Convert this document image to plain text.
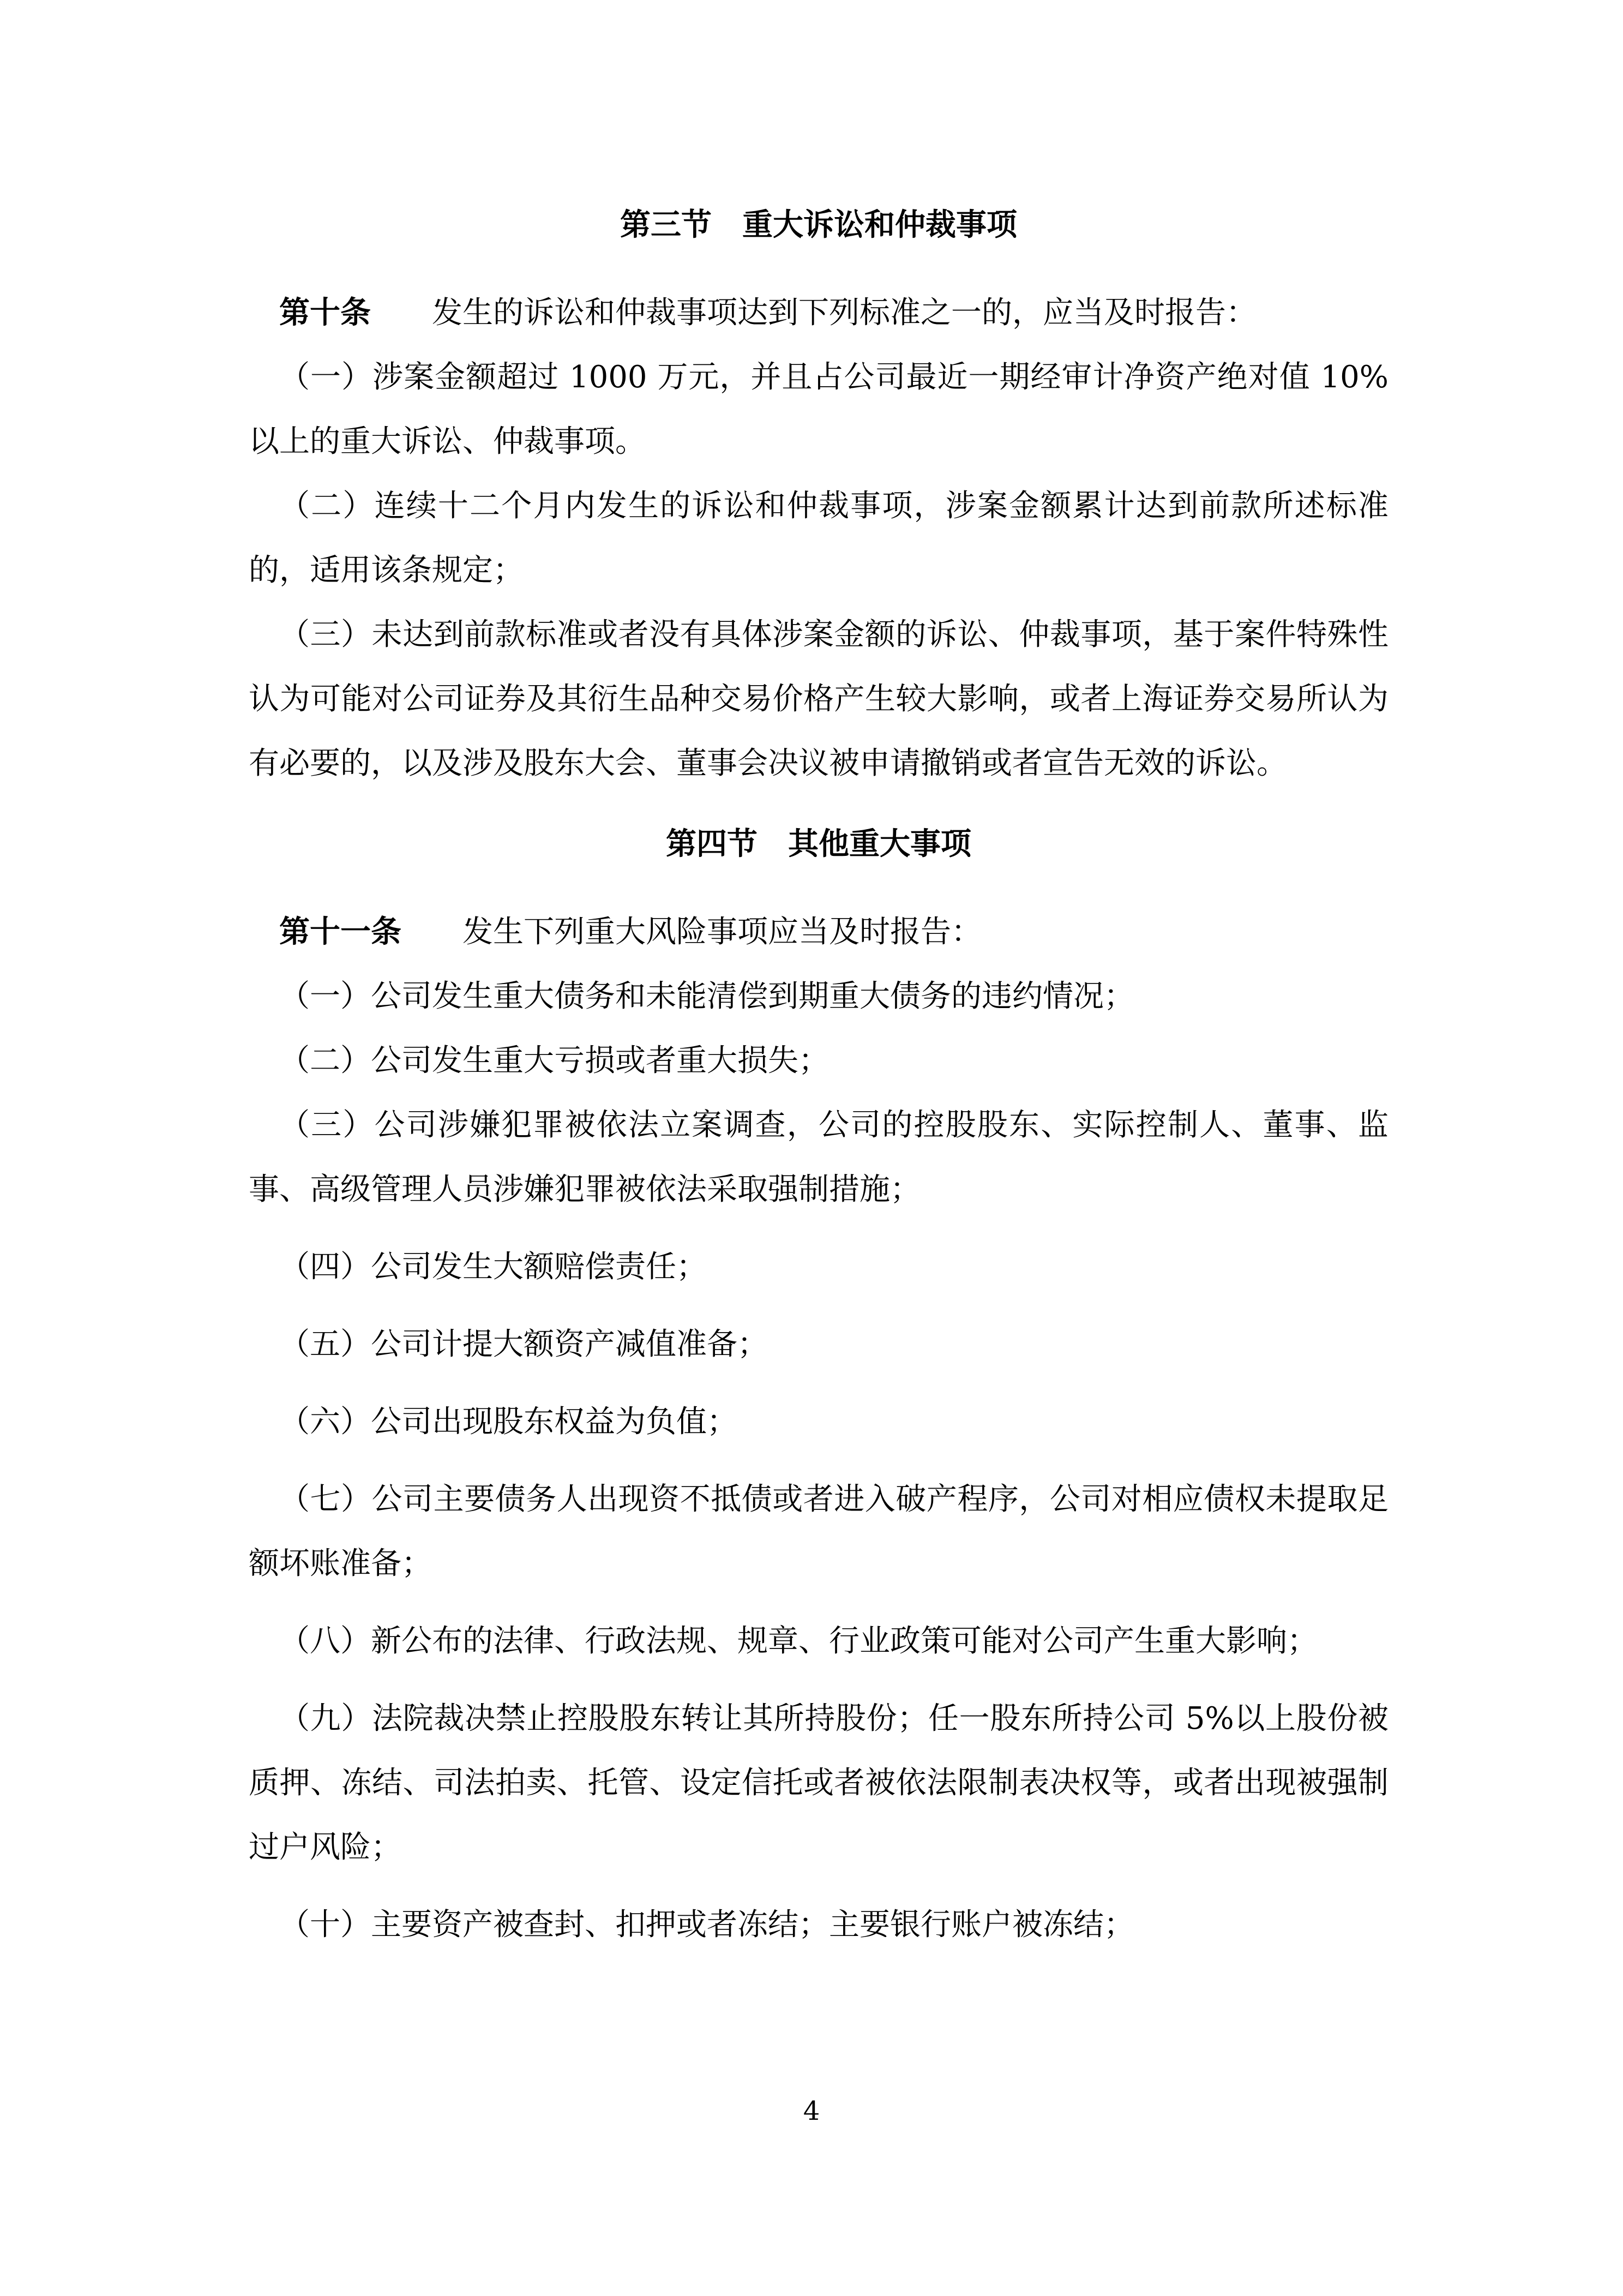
第三节　重大诉讼和仲裁事项

第十条 发生的诉讼和仲裁事项达到下列标准之一的，应当及时报告：

（一）涉案金额超过 1000 万元，并且占公司最近一期经审计净资产绝对值 10%以上的重大诉讼、仲裁事项。

（二）连续十二个月内发生的诉讼和仲裁事项，涉案金额累计达到前款所述标准的，适用该条规定；

（三）未达到前款标准或者没有具体涉案金额的诉讼、仲裁事项，基于案件特殊性认为可能对公司证券及其衍生品种交易价格产生较大影响，或者上海证券交易所认为有必要的，以及涉及股东大会、董事会决议被申请撤销或者宣告无效的诉讼。

第四节　其他重大事项

第十一条 发生下列重大风险事项应当及时报告：

（一）公司发生重大债务和未能清偿到期重大债务的违约情况；

（二）公司发生重大亏损或者重大损失；

（三）公司涉嫌犯罪被依法立案调查，公司的控股股东、实际控制人、董事、监事、高级管理人员涉嫌犯罪被依法采取强制措施；

（四）公司发生大额赔偿责任；

（五）公司计提大额资产减值准备；

（六）公司出现股东权益为负值；

（七）公司主要债务人出现资不抵债或者进入破产程序，公司对相应债权未提取足额坏账准备；

（八）新公布的法律、行政法规、规章、行业政策可能对公司产生重大影响；

（九）法院裁决禁止控股股东转让其所持股份；任一股东所持公司 5%以上股份被质押、冻结、司法拍卖、托管、设定信托或者被依法限制表决权等，或者出现被强制过户风险；

（十）主要资产被查封、扣押或者冻结；主要银行账户被冻结；

4
